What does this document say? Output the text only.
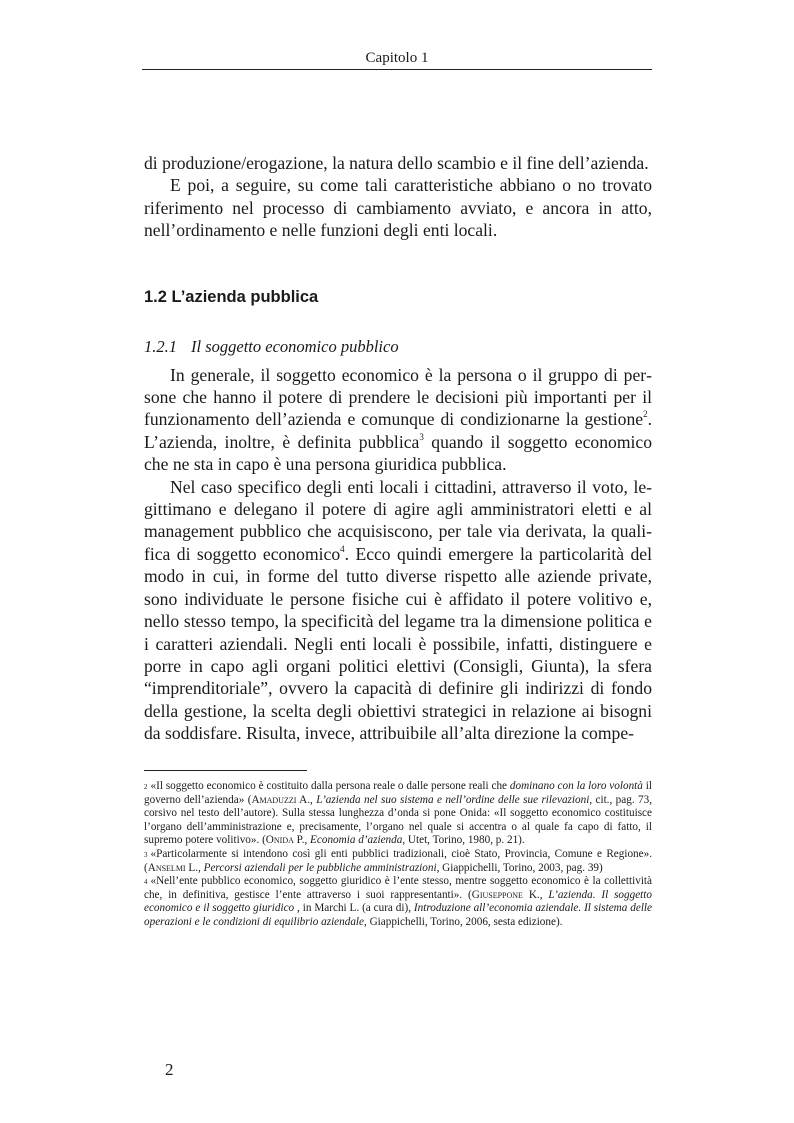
Capitolo 1

di produzione/erogazione, la natura dello scambio e il fine dell’azienda.

E poi, a seguire, su come tali caratteristiche abbiano o no trovato riferimento nel processo di cambiamento avviato, e ancora in atto, nell’ordinamento e nelle funzioni degli enti locali.

1.2 L’azienda pubblica

1.2.1 Il soggetto economico pubblico

In generale, il soggetto economico è la persona o il gruppo di persone che hanno il potere di prendere le decisioni più importanti per il funzionamento dell’azienda e comunque di condizionarne la gestione$^2$. L’azienda, inoltre, è definita pubblica$^3$ quando il soggetto economico che ne sta in capo è una persona giuridica pubblica.

Nel caso specifico degli enti locali i cittadini, attraverso il voto, legittimano e delegano il potere di agire agli amministratori eletti e al management pubblico che acquisiscono, per tale via derivata, la qualifica di soggetto economico$^4$. Ecco quindi emergere la particolarità del modo in cui, in forme del tutto diverse rispetto alle aziende private, sono individuate le persone fisiche cui è affidato il potere volitivo e, nello stesso tempo, la specificità del legame tra la dimensione politica e i caratteri aziendali. Negli enti locali è possibile, infatti, distinguere e porre in capo agli organi politici elettivi (Consigli, Giunta), la sfera “imprenditoriale”, ovvero la capacità di definire gli indirizzi di fondo della gestione, la scelta degli obiettivi strategici in relazione ai bisogni da soddisfare. Risulta, invece, attribuibile all’alta direzione la compe-

$^2$ «Il soggetto economico è costituito dalla persona reale o dalle persone reali che dominano con la loro volontà il governo dell’azienda» (Amaduzzi A., L’azienda nel suo sistema e nell’ordine delle sue rilevazioni, cit., pag. 73, corsivo nel testo dell’autore). Sulla stessa lunghezza d’onda si pone Onida: «Il soggetto economico costituisce l’organo dell’amministrazione e, precisamente, l’organo nel quale si accentra o al quale fa capo di fatto, il supremo potere volitivo». (Onida P., Economia d’azienda, Utet, Torino, 1980, p. 21).

$^3$ «Particolarmente si intendono così gli enti pubblici tradizionali, cioè Stato, Provincia, Comune e Regione». (Anselmi L., Percorsi aziendali per le pubbliche amministrazioni, Giappichelli, Torino, 2003, pag. 39)

$^4$ «Nell’ente pubblico economico, soggetto giuridico è l’ente stesso, mentre soggetto economico è la collettività che, in definitiva, gestisce l’ente attraverso i suoi rappresentanti». (Giuseppone K., L’azienda. Il soggetto economico e il soggetto giuridico , in Marchi L. (a cura di), Introduzione all’economia aziendale. Il sistema delle operazioni e le condizioni di equilibrio aziendale, Giappichelli, Torino, 2006, sesta edizione).

2
